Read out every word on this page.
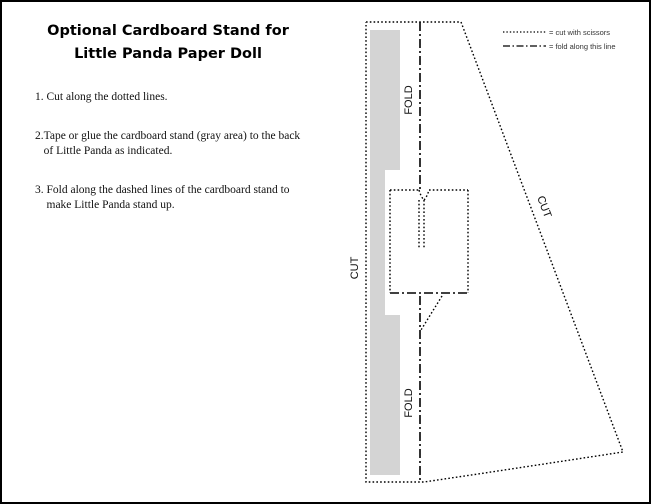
Optional Cardboard Stand for
Little Panda Paper Doll
1.
Cut along the dotted lines.
2. Tape or glue the cardboard stand (gray area) to the back of Little Panda as indicated.
3.
Fold along the dashed lines of the cardboard stand to make Little Panda stand up.
= cut with scissors
= fold along this line
CUT
FOLD
FOLD
CUT
